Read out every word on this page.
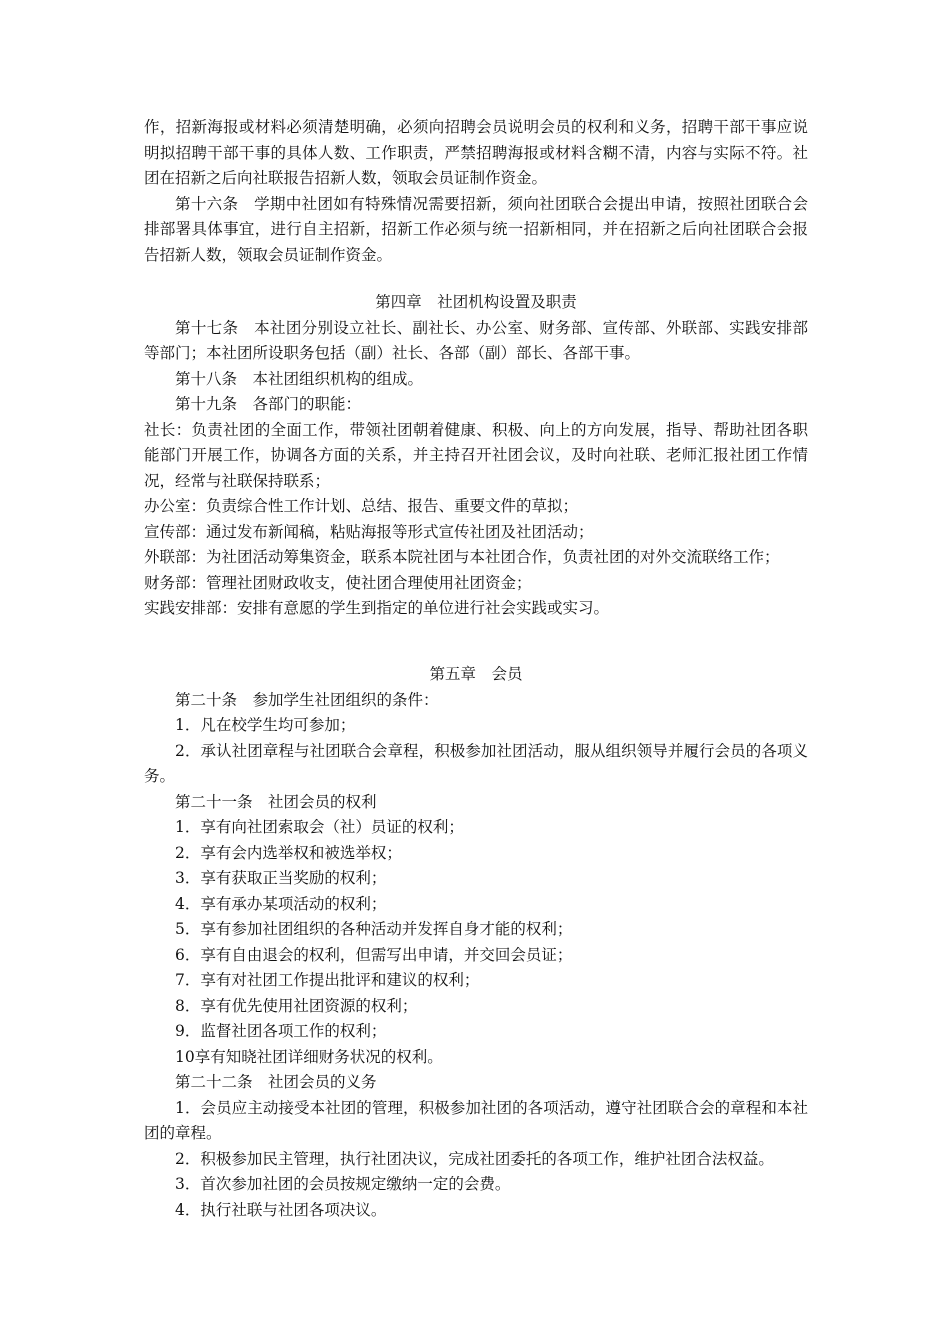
作，招新海报或材料必须清楚明确，必须向招聘会员说明会员的权利和义务，招聘干部干事应说明拟招聘干部干事的具体人数、工作职责，严禁招聘海报或材料含糊不清，内容与实际不符。社团在招新之后向社联报告招新人数，领取会员证制作资金。

第十六条　学期中社团如有特殊情况需要招新，须向社团联合会提出申请，按照社团联合会排部署具体事宜，进行自主招新，招新工作必须与统一招新相同，并在招新之后向社团联合会报告招新人数，领取会员证制作资金。

第四章　社团机构设置及职责

第十七条　本社团分别设立社长、副社长、办公室、财务部、宣传部、外联部、实践安排部等部门；本社团所设职务包括（副）社长、各部（副）部长、各部干事。

第十八条　本社团组织机构的组成。

第十九条　各部门的职能：

社长：负责社团的全面工作，带领社团朝着健康、积极、向上的方向发展，指导、帮助社团各职能部门开展工作，协调各方面的关系，并主持召开社团会议，及时向社联、老师汇报社团工作情况，经常与社联保持联系；

办公室：负责综合性工作计划、总结、报告、重要文件的草拟；

宣传部：通过发布新闻稿，粘贴海报等形式宣传社团及社团活动；

外联部：为社团活动筹集资金，联系本院社团与本社团合作，负责社团的对外交流联络工作；

财务部：管理社团财政收支，使社团合理使用社团资金；

实践安排部：安排有意愿的学生到指定的单位进行社会实践或实习。

第五章　会员

第二十条　参加学生社团组织的条件：

1．凡在校学生均可参加；

2．承认社团章程与社团联合会章程，积极参加社团活动，服从组织领导并履行会员的各项义务。

第二十一条　社团会员的权利

1．享有向社团索取会（社）员证的权利；

2．享有会内选举权和被选举权；

3．享有获取正当奖励的权利；

4．享有承办某项活动的权利；

5．享有参加社团组织的各种活动并发挥自身才能的权利；

6．享有自由退会的权利，但需写出申请，并交回会员证；

7．享有对社团工作提出批评和建议的权利；

8．享有优先使用社团资源的权利；

9．监督社团各项工作的权利；

10享有知晓社团详细财务状况的权利。

第二十二条　社团会员的义务

1．会员应主动接受本社团的管理，积极参加社团的各项活动，遵守社团联合会的章程和本社团的章程。

2．积极参加民主管理，执行社团决议，完成社团委托的各项工作，维护社团合法权益。

3．首次参加社团的会员按规定缴纳一定的会费。

4．执行社联与社团各项决议。
